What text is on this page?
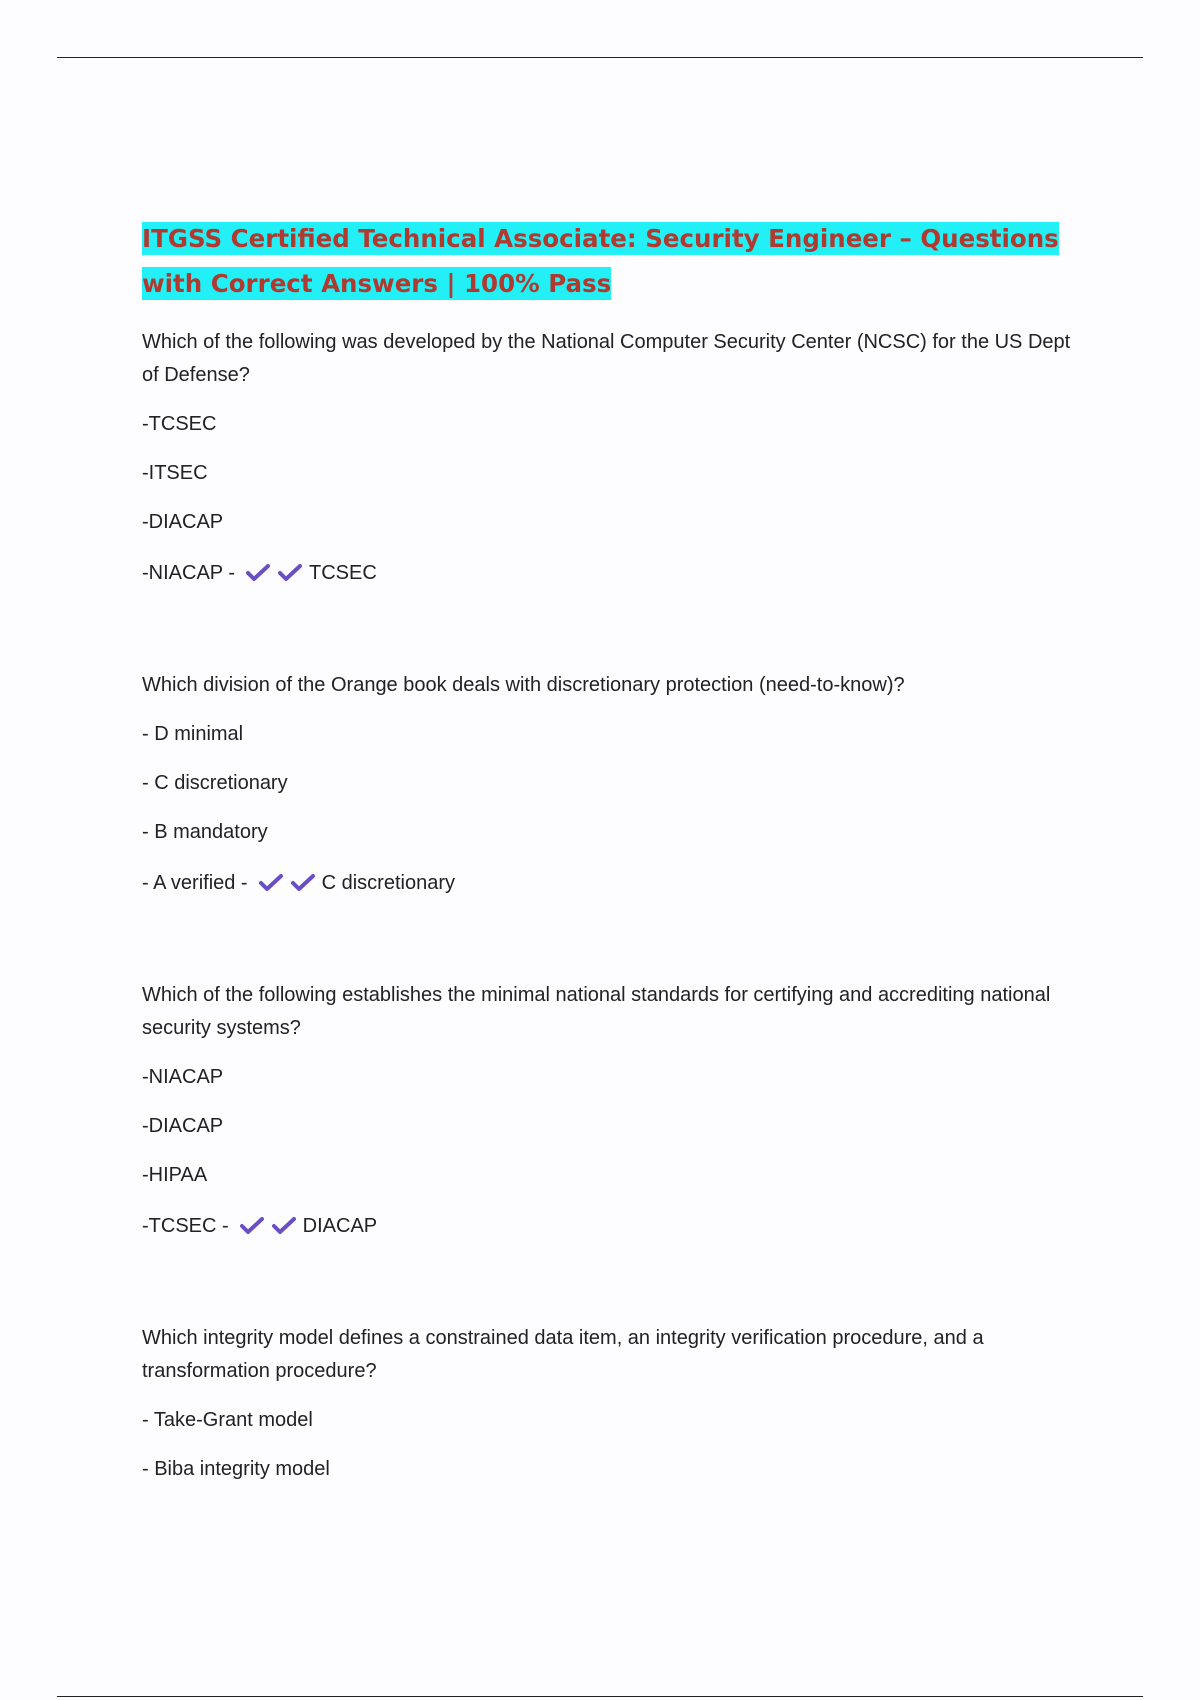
ITGSS Certified Technical Associate: Security Engineer – Questions with Correct Answers | 100% Pass

Which of the following was developed by the National Computer Security Center (NCSC) for the US Dept of Defense?

-TCSEC

-ITSEC

-DIACAP

-NIACAP -	TCSEC

Which division of the Orange book deals with discretionary protection (need-to-know)?

- D minimal

- C discretionary

- B mandatory

- A verified -	C discretionary

Which of the following establishes the minimal national standards for certifying and accrediting national security systems?

-NIACAP

-DIACAP

-HIPAA

-TCSEC -	DIACAP

Which integrity model defines a constrained data item, an integrity verification procedure, and a transformation procedure?

- Take-Grant model

- Biba integrity model
